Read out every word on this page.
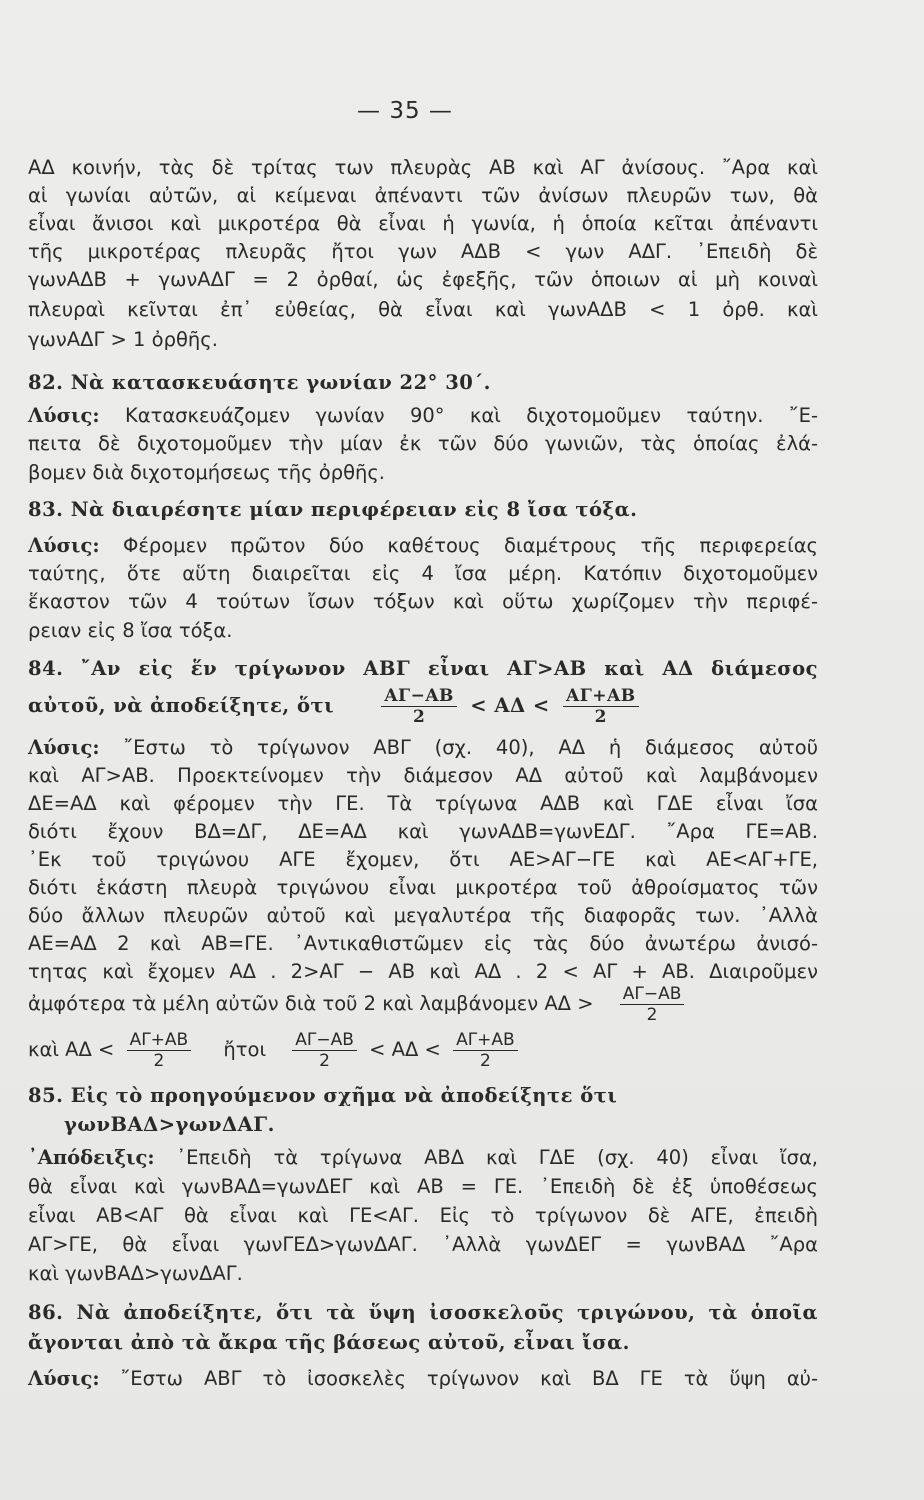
— 35 —
ΑΔ κοινήν, τὰς δὲ τρίτας των πλευρὰς ΑΒ καὶ ΑΓ ἀνίσους. ῎Αρα καὶ
αἱ γωνίαι αὐτῶν, αἱ κείμεναι ἀπέναντι τῶν ἀνίσων πλευρῶν των, θὰ
εἶναι ἄνισοι καὶ μικροτέρα θὰ εἶναι ἡ γωνία, ἡ ὁποία κεῖται ἀπέναντι
τῆς μικροτέρας πλευρᾶς ἤτοι γων ΑΔΒ < γων ΑΔΓ. ᾿Επειδὴ δὲ
γωνΑΔΒ + γωνΑΔΓ = 2 ὀρθαί, ὡς ἐφεξῆς, τῶν ὁποιων αἱ μὴ κοιναὶ
πλευραὶ κεῖνται ἐπ᾿ εὐθείας, θὰ εἶναι καὶ γωνΑΔΒ < 1 ὀρθ. καὶ
γωνΑΔΓ > 1 ὀρθῆς.
82. Νὰ κατασκευάσητε γωνίαν 22° 30΄.
Λύσις: Κατασκευάζομεν γωνίαν 90° καὶ διχοτομοῦμεν ταύτην. ῎Ε-
πειτα δὲ διχοτομοῦμεν τὴν μίαν ἐκ τῶν δύο γωνιῶν, τὰς ὁποίας ἐλά-
βομεν διὰ διχοτομήσεως τῆς ὀρθῆς.
83. Νὰ διαιρέσητε μίαν περιφέρειαν εἰς 8 ἴσα τόξα.
Λύσις: Φέρομεν πρῶτον δύο καθέτους διαμέτρους τῆς περιφερείας
ταύτης, ὅτε αὕτη διαιρεῖται εἰς 4 ἴσα μέρη. Κατόπιν διχοτομοῦμεν
ἕκαστον τῶν 4 τούτων ἴσων τόξων καὶ οὕτω χωρίζομεν τὴν περιφέ-
ρειαν εἰς 8 ἴσα τόξα.
84. ῎Αν εἰς ἕν τρίγωνον ΑΒΓ εἶναι ΑΓ>ΑΒ καὶ ΑΔ διάμεσος
αὐτοῦ, νὰ ἀποδείξητε, ὅτι	$\frac{A\Gamma-AB}{2} < A\Delta < \frac{A\Gamma+AB}{2}$
Λύσις: ῎Εστω τὸ τρίγωνον ΑΒΓ (σχ. 40), ΑΔ ἡ διάμεσος αὐτοῦ
καὶ ΑΓ>ΑΒ. Προεκτείνομεν τὴν διάμεσον ΑΔ αὐτοῦ καὶ λαμβάνομεν
ΔΕ=ΑΔ καὶ φέρομεν τὴν ΓΕ. Τὰ τρίγωνα ΑΔΒ καὶ ΓΔΕ εἶναι ἴσα
διότι ἔχουν ΒΔ=ΔΓ, ΔΕ=ΑΔ καὶ γωνΑΔΒ=γωνΕΔΓ. ῎Αρα ΓΕ=ΑΒ.
᾿Εκ τοῦ τριγώνου ΑΓΕ ἔχομεν, ὅτι ΑΕ>ΑΓ−ΓΕ καὶ ΑΕ<ΑΓ+ΓΕ,
διότι ἑκάστη πλευρὰ τριγώνου εἶναι μικροτέρα τοῦ ἀθροίσματος τῶν
δύο ἄλλων πλευρῶν αὐτοῦ καὶ μεγαλυτέρα τῆς διαφορᾶς των. ᾿Αλλὰ
ΑΕ=ΑΔ 2 καὶ ΑΒ=ΓΕ. ᾿Αντικαθιστῶμεν εἰς τὰς δύο ἀνωτέρω ἀνισό-
τητας καὶ ἔχομεν ΑΔ . 2>ΑΓ − ΑΒ καὶ ΑΔ . 2 < ΑΓ + ΑΒ. Διαιροῦμεν
ἀμφότερα τὰ μέλη αὐτῶν διὰ τοῦ 2 καὶ λαμβάνομεν $A\Delta > \frac{A\Gamma-AB}{2}$
καὶ $A\Delta < \frac{A\Gamma+AB}{2}$ ἤτοι $\frac{A\Gamma-AB}{2} < A\Delta < \frac{A\Gamma+AB}{2}$
85. Εἰς τὸ προηγούμενον σχῆμα νὰ ἀποδείξητε ὅτι
γωνΒΑΔ>γωνΔΑΓ.
᾿Απόδειξις: ᾿Επειδὴ τὰ τρίγωνα ΑΒΔ καὶ ΓΔΕ (σχ. 40) εἶναι ἴσα,
θὰ εἶναι καὶ γωνΒΑΔ=γωνΔΕΓ καὶ ΑΒ = ΓΕ. ᾿Επειδὴ δὲ ἐξ ὑποθέσεως
εἶναι ΑΒ<ΑΓ θὰ εἶναι καὶ ΓΕ<ΑΓ. Εἰς τὸ τρίγωνον δὲ ΑΓΕ, ἐπειδὴ
ΑΓ>ΓΕ, θὰ εἶναι γωνΓΕΔ>γωνΔΑΓ. ᾿Αλλὰ γωνΔΕΓ = γωνΒΑΔ ῎Αρα
καὶ γωνΒΑΔ>γωνΔΑΓ.
86. Νὰ ἀποδείξητε, ὅτι τὰ ὕψη ἰσοσκελοῦς τριγώνου, τὰ ὁποῖα
ἄγονται ἀπὸ τὰ ἄκρα τῆς βάσεως αὐτοῦ, εἶναι ἴσα.
Λύσις: ῎Εστω ΑΒΓ τὸ ἰσοσκελὲς τρίγωνον καὶ ΒΔ ΓΕ τὰ ὕψη αὐ-
